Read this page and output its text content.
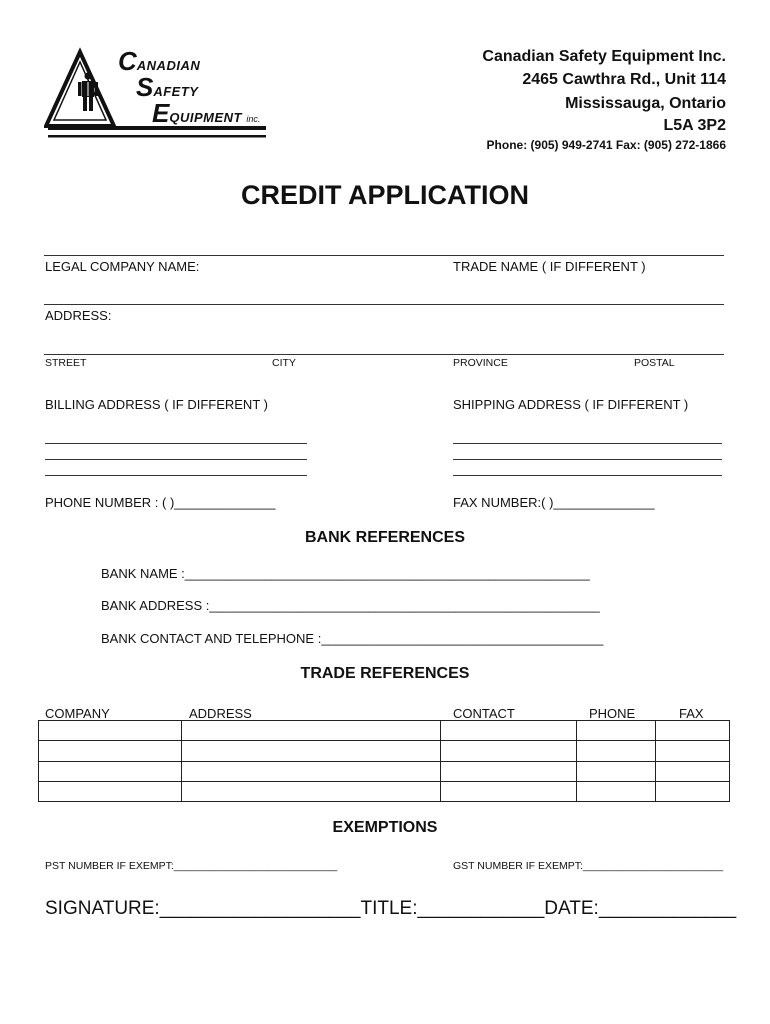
CANADIAN
SAFETY
EQUIPMENT inc.
Canadian Safety Equipment Inc.
2465 Cawthra Rd., Unit 114
Mississauga, Ontario
L5A 3P2
Phone: (905) 949-2741 Fax: (905) 272-1866
CREDIT APPLICATION
LEGAL COMPANY NAME:	TRADE NAME ( IF DIFFERENT )
ADDRESS:
STREET	CITY	PROVINCE	POSTAL
BILLING ADDRESS ( IF DIFFERENT )	SHIPPING ADDRESS ( IF DIFFERENT )
PHONE NUMBER : ( )______________	FAX NUMBER:( )______________
BANK REFERENCES
BANK NAME :________________________________________________________
BANK ADDRESS :______________________________________________________
BANK CONTACT AND TELEPHONE :_______________________________________
TRADE REFERENCES
COMPANY	ADDRESS	CONTACT	PHONE	FAX

EXEMPTIONS
PST NUMBER IF EXEMPT:____________________________	GST NUMBER IF EXEMPT:________________________
SIGNATURE:___________________TITLE:____________DATE:_____________
